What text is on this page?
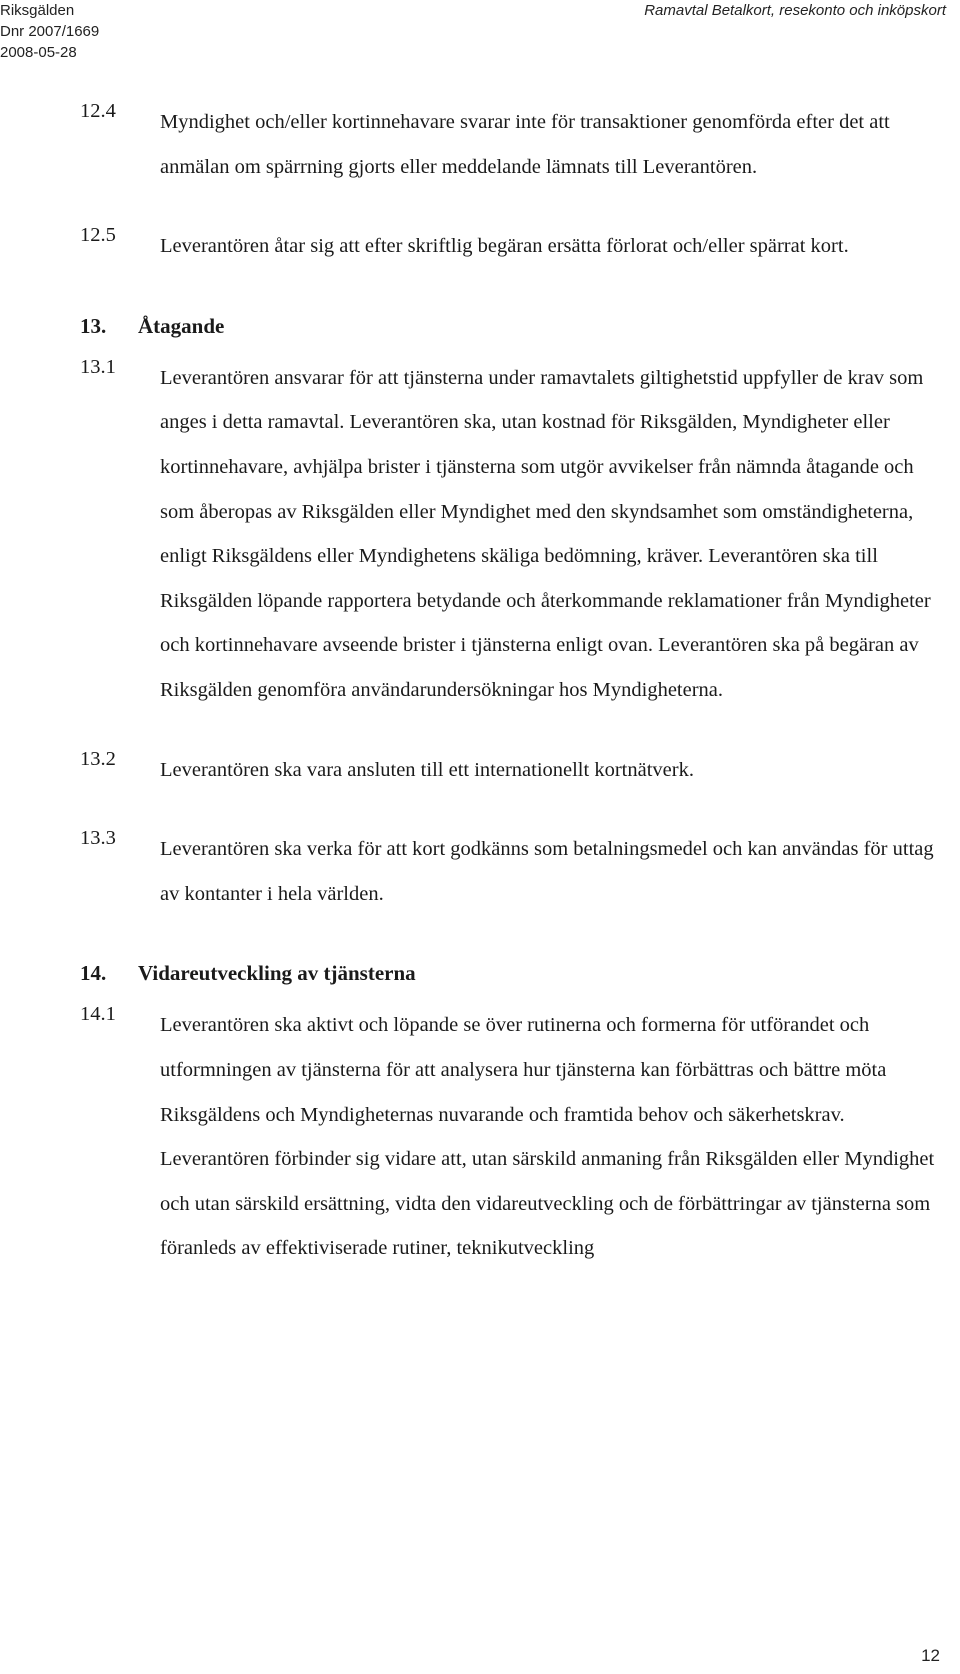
Riksgälden
Dnr 2007/1669
2008-05-28
Ramavtal Betalkort, resekonto och inköpskort
12.4	Myndighet och/eller kortinnehavare svarar inte för transaktioner genomförda efter det att anmälan om spärrning gjorts eller meddelande lämnats till Leverantören.
12.5	Leverantören åtar sig att efter skriftlig begäran ersätta förlorat och/eller spärrat kort.
13.	Åtagande
13.1	Leverantören ansvarar för att tjänsterna under ramavtalets giltighetstid uppfyller de krav som anges i detta ramavtal. Leverantören ska, utan kostnad för Riksgälden, Myndigheter eller kortinnehavare, avhjälpa brister i tjänsterna som utgör avvikelser från nämnda åtagande och som åberopas av Riksgälden eller Myndighet med den skyndsamhet som omständigheterna, enligt Riksgäldens eller Myndighetens skäliga bedömning, kräver. Leverantören ska till Riksgälden löpande rapportera betydande och återkommande reklamationer från Myndigheter och kortinnehavare avseende brister i tjänsterna enligt ovan. Leverantören ska på begäran av Riksgälden genomföra användarundersökningar hos Myndigheterna.
13.2	Leverantören ska vara ansluten till ett internationellt kortnätverk.
13.3	Leverantören ska verka för att kort godkänns som betalningsmedel och kan användas för uttag av kontanter i hela världen.
14.	Vidareutveckling av tjänsterna
14.1	Leverantören ska aktivt och löpande se över rutinerna och formerna för utförandet och utformningen av tjänsterna för att analysera hur tjänsterna kan förbättras och bättre möta Riksgäldens och Myndigheternas nuvarande och framtida behov och säkerhetskrav. Leverantören förbinder sig vidare att, utan särskild anmaning från Riksgälden eller Myndighet och utan särskild ersättning, vidta den vidareutveckling och de förbättringar av tjänsterna som föranleds av effektiviserade rutiner, teknikutveckling
12
